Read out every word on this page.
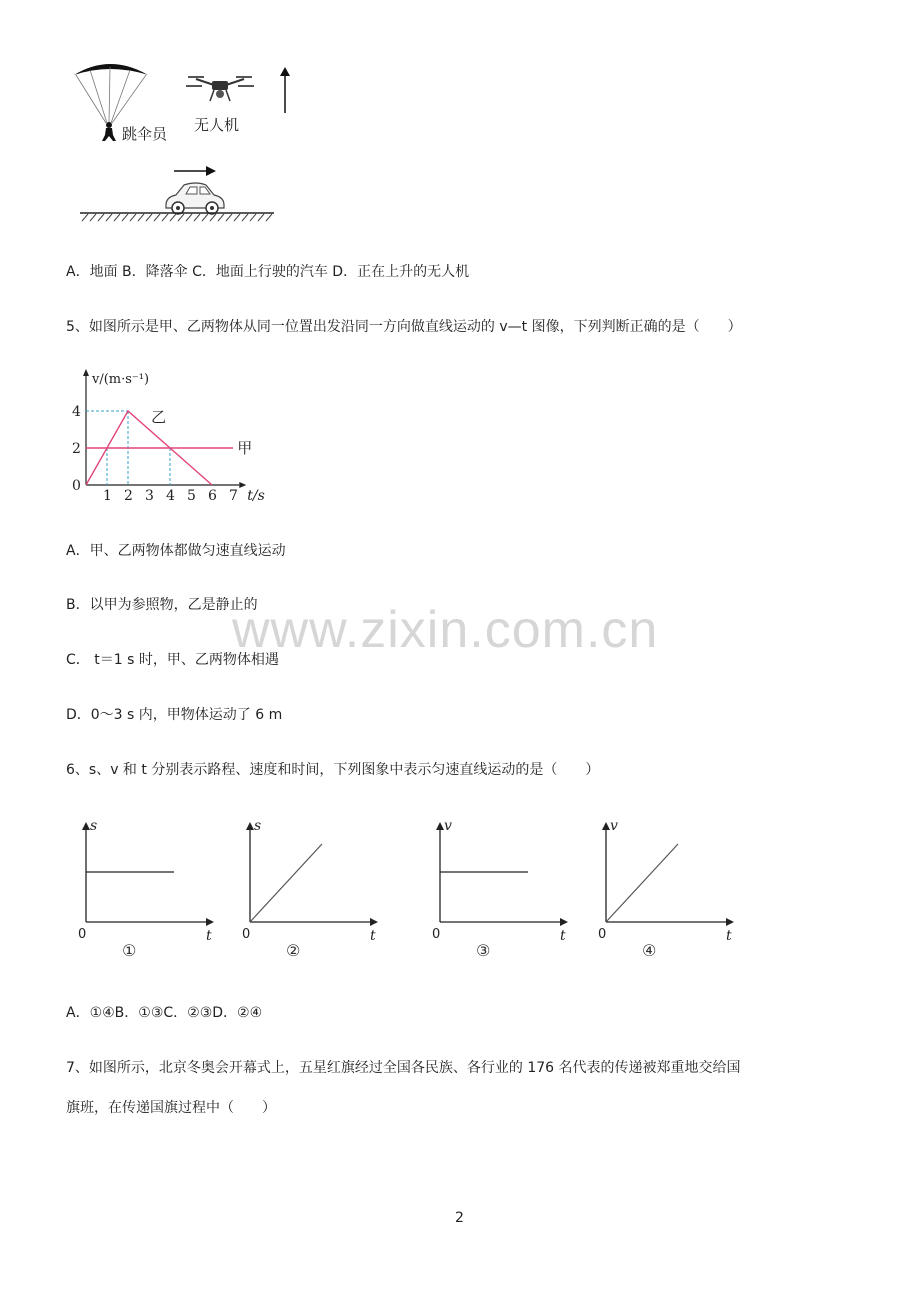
跳伞员 无人机
A．地面 B．降落伞 C．地面上行驶的汽车 D．正在上升的无人机
5、如图所示是甲、乙两物体从同一位置出发沿同一方向做直线运动的 v—t 图像，下列判断正确的是（　　）
甲
乙
1 2 3 4 5 6 7
0
2
4
t/s
v/(m·s⁻¹)
A．甲、乙两物体都做匀速直线运动
B．以甲为参照物，乙是静止的
C． t＝1 s 时，甲、乙两物体相遇
D．0～3 s 内，甲物体运动了 6 m
www.zixin.com.cn
6、s、v 和 t 分别表示路程、速度和时间，下列图象中表示匀速直线运动的是（　　）
s
t
0
①
s
t
0
②
v
t
0
③
v
t
0
④
A．①④B．①③C．②③D．②④
7、如图所示，北京冬奥会开幕式上，五星红旗经过全国各民族、各行业的 176 名代表的传递被郑重地交给国
旗班，在传递国旗过程中（　　）
2
